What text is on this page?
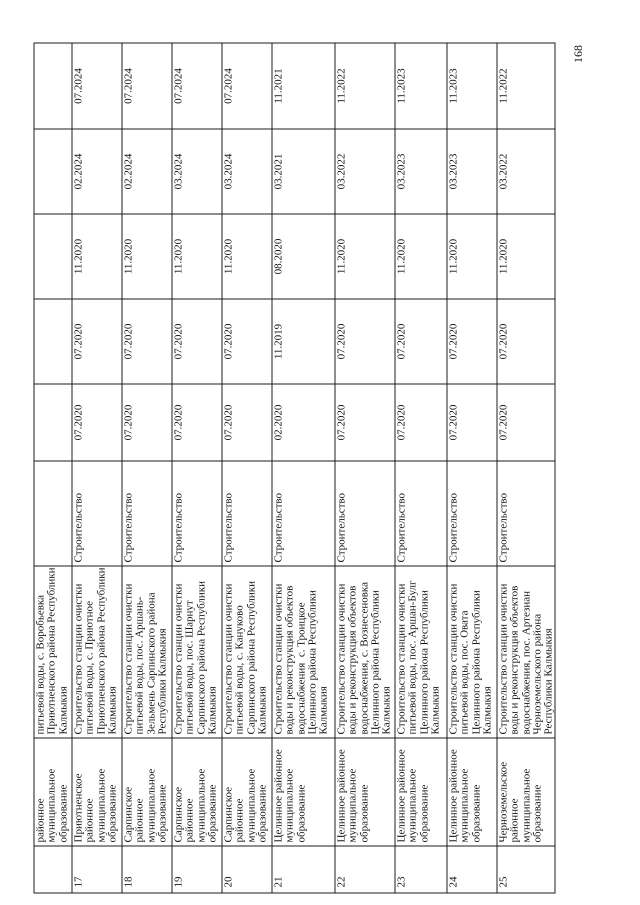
районное
муниципальное
образование
питьевой воды, с. Воробьевка
Приютненского района Республики
Калмыкия
17
Приютненское
районное
муниципальное
образование
Строительство станции очистки
питьевой воды, с. Приютное
Приютненского района Республики
Калмыкия
Строительство
07.2020
07.2020
11.2020
02.2024
07.2024
18
Сарпинское
районное
муниципальное
образование
Строительство станции очистки
питьевой воды, пос. Аршань-
Зельмень Сарпинского района
Республики Калмыкия
Строительство
07.2020
07.2020
11.2020
02.2024
07.2024
19
Сарпинское
районное
муниципальное
образование
Строительство станции очистки
питьевой воды, пос. Шарнут
Сарпинского района Республики
Калмыкия
Строительство
07.2020
07.2020
11.2020
03.2024
07.2024
20
Сарпинское
районное
муниципальное
образование
Строительство станции очистки
питьевой воды, с. Кануково
Сарпинского района Республики
Калмыкия
Строительство
07.2020
07.2020
11.2020
03.2024
07.2024
21
Целинное районное
муниципальное
образование
Строительство станции очистки
воды и реконструкция объектов
водоснабжения  с. Троицкое
Целинного района Республики
Калмыкия
Строительство
02.2020
11.2019
08.2020
03.2021
11.2021
22
Целинное районное
муниципальное
образование
Строительство станции очистки
воды и реконструкция объектов
водоснабжения, с. Вознесеновка
Целинного района Республики
Калмыкия
Строительство
07.2020
07.2020
11.2020
03.2022
11.2022
23
Целинное районное
муниципальное
образование
Строительство станции очистки
питьевой воды, пос. Аршан-Булг
Целинного района Республики
Калмыкия
Строительство
07.2020
07.2020
11.2020
03.2023
11.2023
24
Целинное районное
муниципальное
образование
Строительство станции очистки
питьевой воды, пос. Овата
Целинного района Республики
Калмыкия
Строительство
07.2020
07.2020
11.2020
03.2023
11.2023
25
Черноземельское
районное
муниципальное
образование
Строительство станции очистки
воды и реконструкция объектов
водоснабжения, пос. Артезиан
Черноземельского района
Республики Калмыкия
Строительство
07.2020
07.2020
11.2020
03.2022
11.2022
168
